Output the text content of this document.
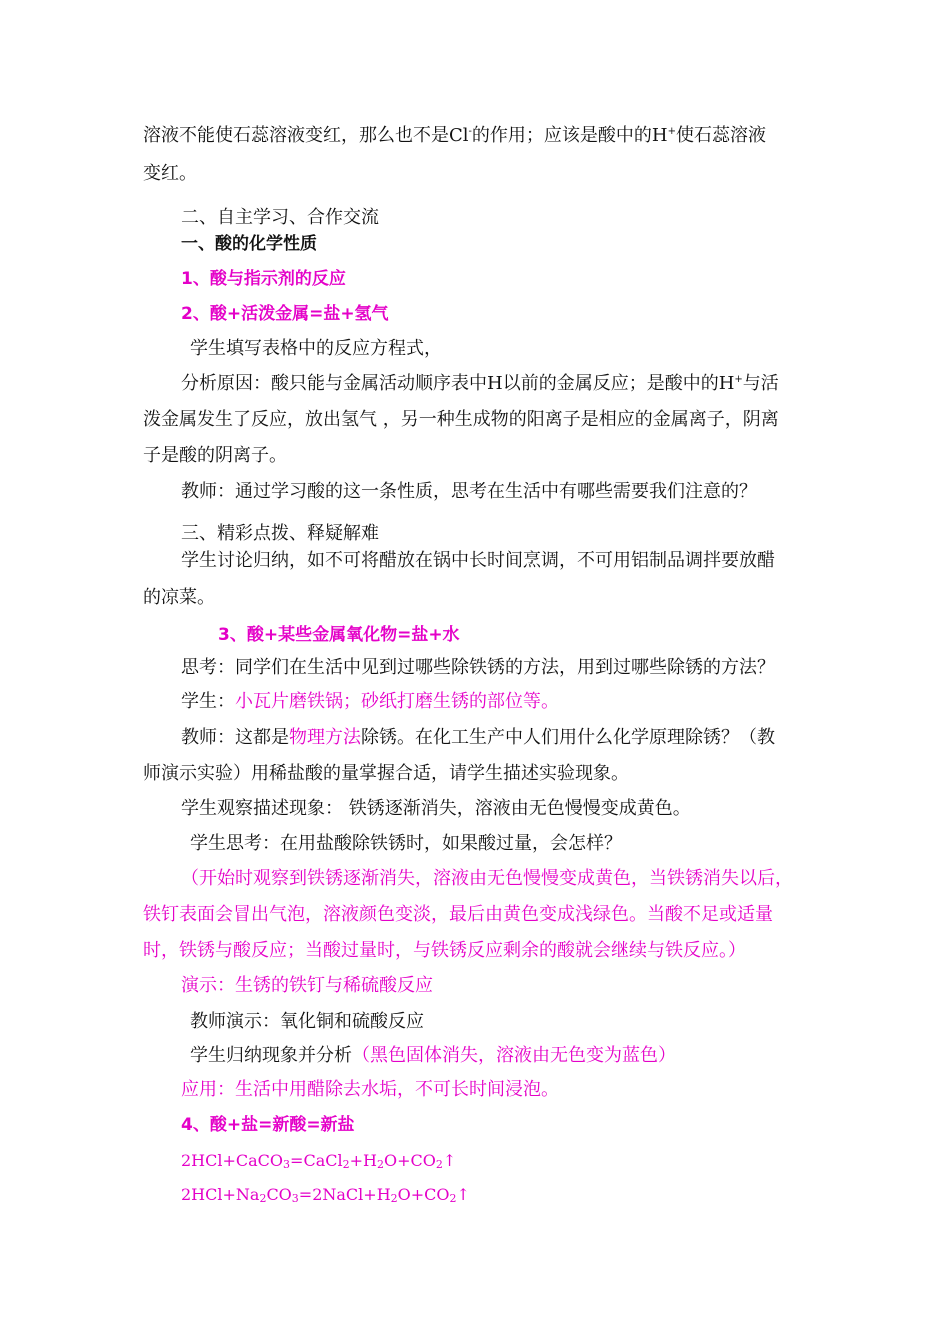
溶液不能使石蕊溶液变红，那么也不是Cl-的作用；应该是酸中的H+使石蕊溶液
变红。
二、自主学习、合作交流
一、酸的化学性质
1、酸与指示剂的反应
2、酸+活泼金属=盐+氢气
学生填写表格中的反应方程式，
分析原因：酸只能与金属活动顺序表中H以前的金属反应；是酸中的H+与活
泼金属发生了反应，放出氢气 ，另一种生成物的阳离子是相应的金属离子，阴离
子是酸的阴离子。
教师：通过学习酸的这一条性质，思考在生活中有哪些需要我们注意的？
三、精彩点拨、释疑解难
学生讨论归纳，如不可将醋放在锅中长时间烹调，不可用铝制品调拌要放醋
的凉菜。
3、酸+某些金属氧化物=盐+水
思考：同学们在生活中见到过哪些除铁锈的方法，用到过哪些除锈的方法？
学生：小瓦片磨铁锅；砂纸打磨生锈的部位等。
教师：这都是物理方法除锈。在化工生产中人们用什么化学原理除锈？（教
师演示实验）用稀盐酸的量掌握合适，请学生描述实验现象。
学生观察描述现象： 铁锈逐渐消失，溶液由无色慢慢变成黄色。
学生思考：在用盐酸除铁锈时，如果酸过量，会怎样？
（开始时观察到铁锈逐渐消失，溶液由无色慢慢变成黄色，当铁锈消失以后，
铁钉表面会冒出气泡，溶液颜色变淡，最后由黄色变成浅绿色。当酸不足或适量
时，铁锈与酸反应；当酸过量时，与铁锈反应剩余的酸就会继续与铁反应。）
演示：生锈的铁钉与稀硫酸反应
教师演示：氧化铜和硫酸反应
学生归纳现象并分析（黑色固体消失，溶液由无色变为蓝色）
应用：生活中用醋除去水垢，不可长时间浸泡。
4、酸+盐=新酸=新盐
$2HCl+CaCO_3=CaCl_2+H_2O+CO_2↑$
$2HCl+Na_2CO_3=2NaCl+H_2O+CO_2↑$
